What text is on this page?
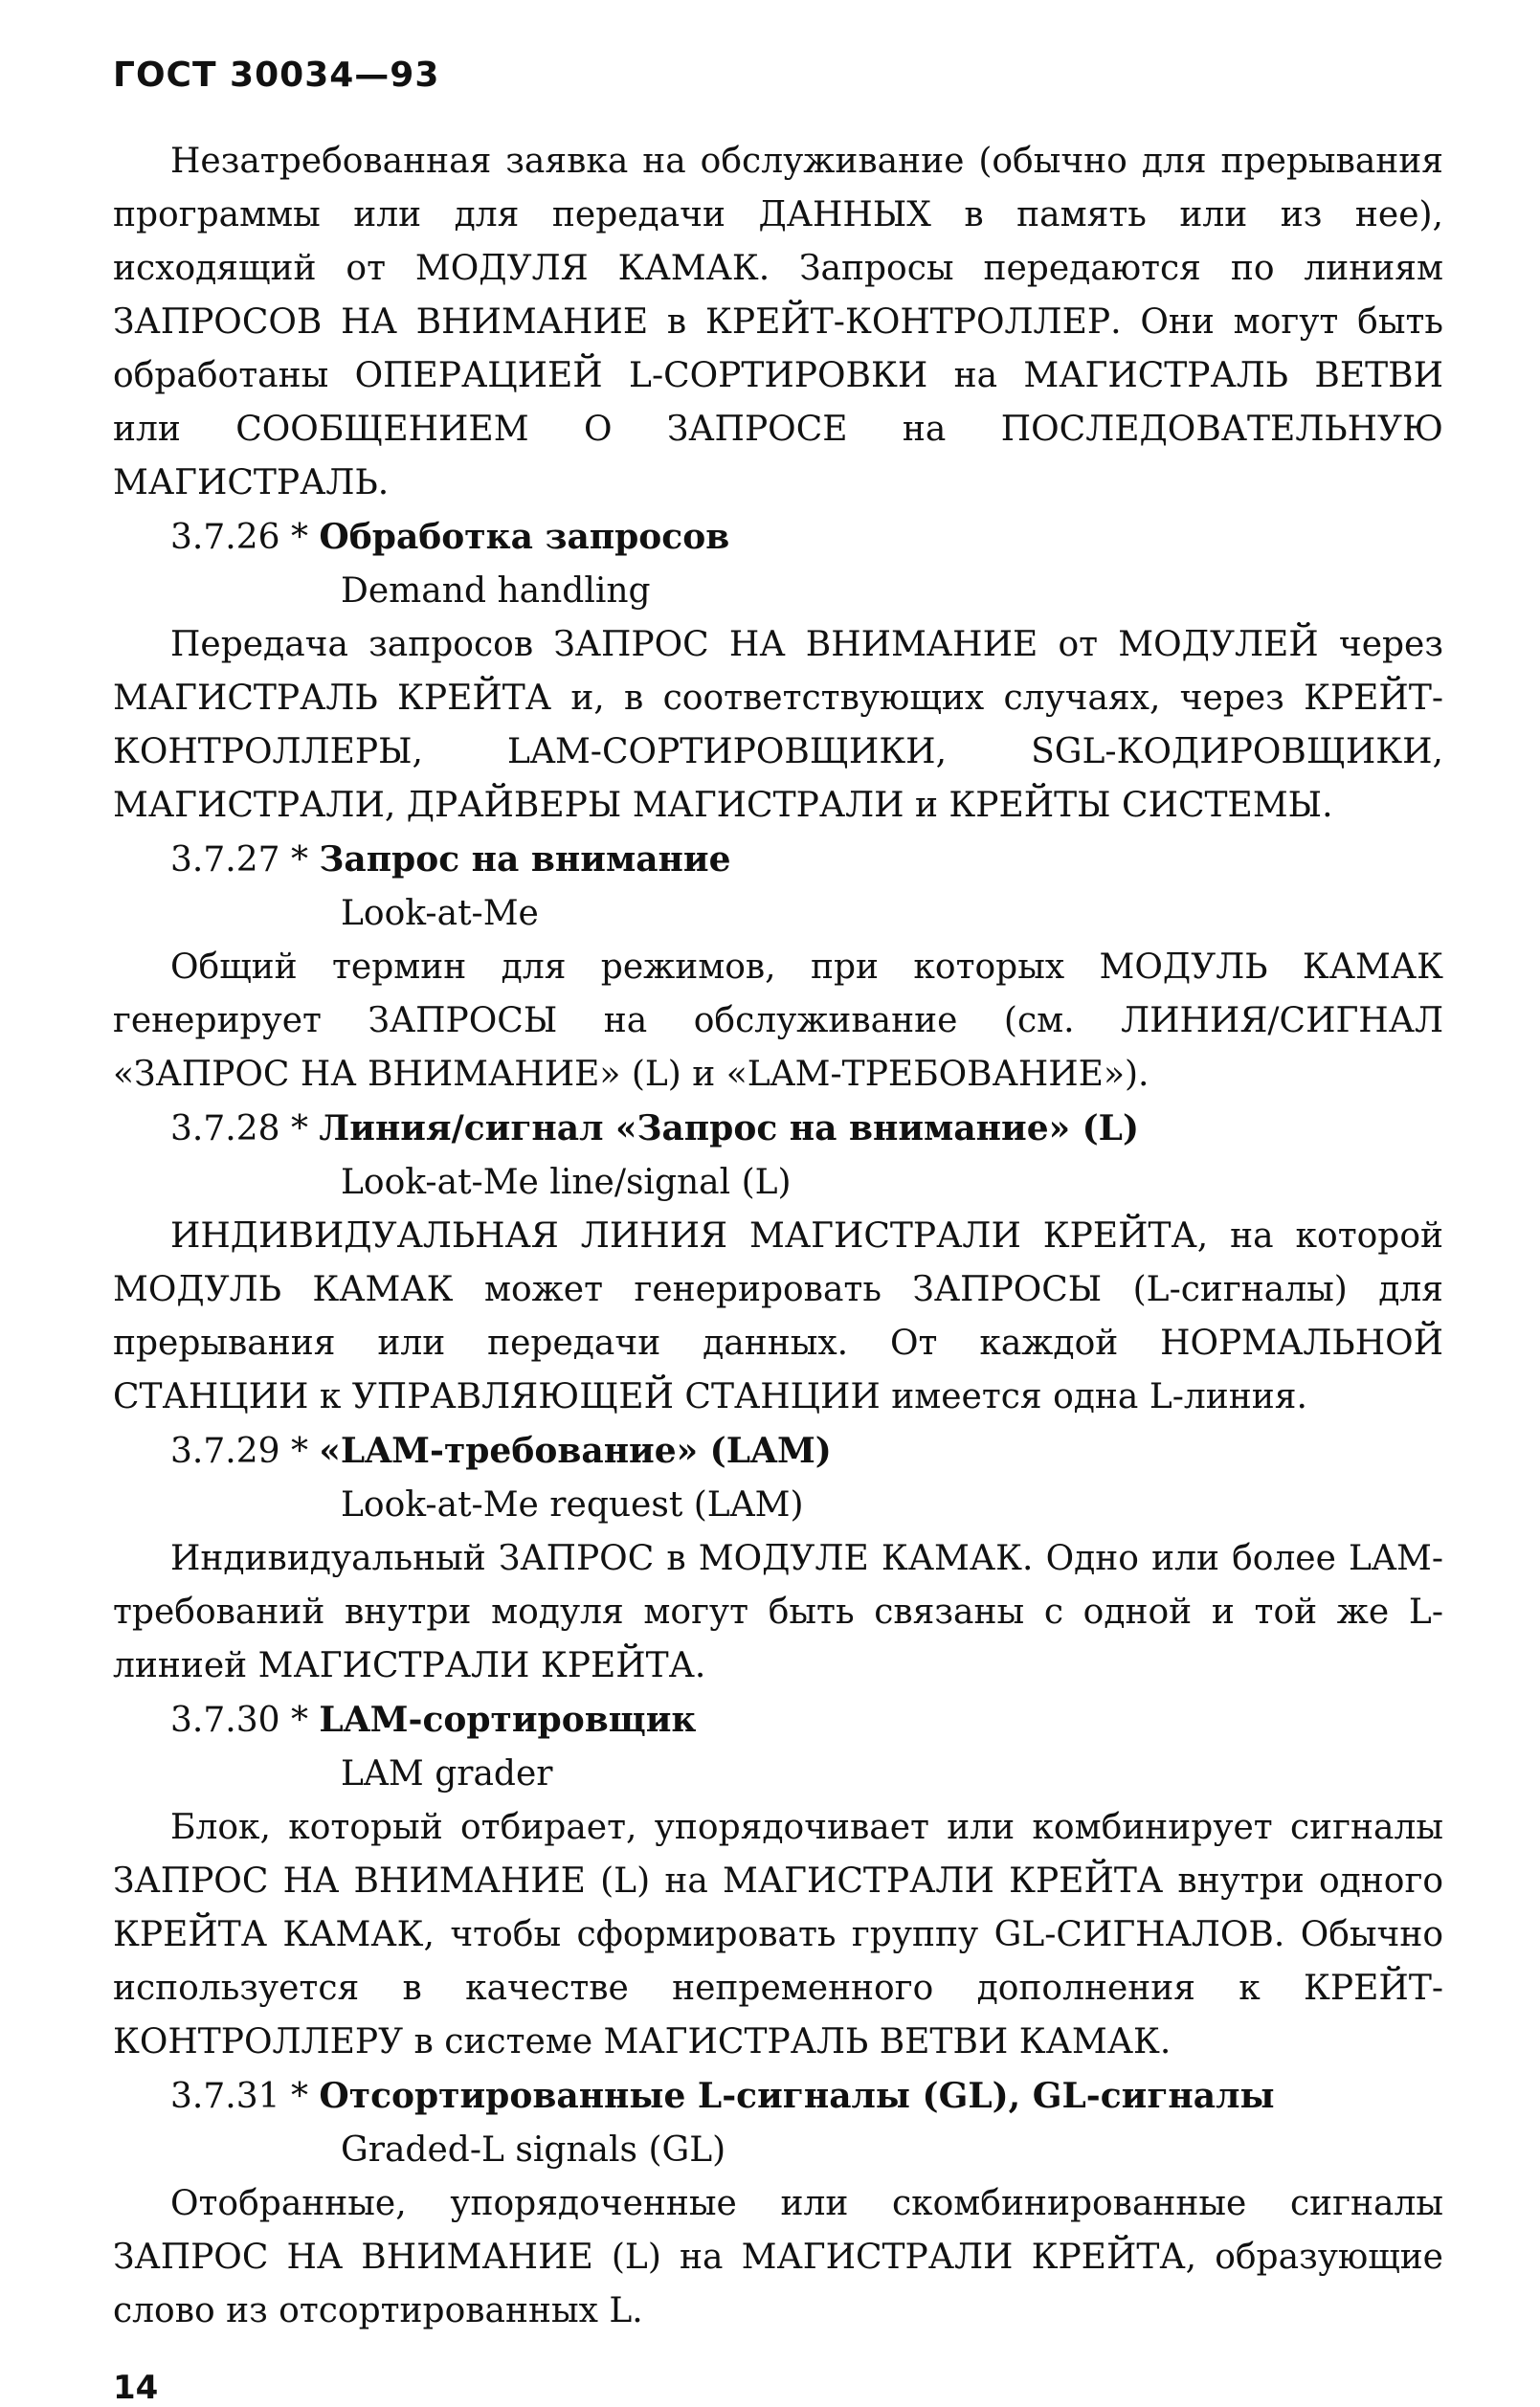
ГОСТ 30034—93

Незатребованная заявка на обслуживание (обычно для прерывания программы или для передачи ДАННЫХ в память или из нее), исходящий от МОДУЛЯ КАМАК. Запросы передаются по линиям ЗАПРОСОВ НА ВНИМАНИЕ в КРЕЙТ-КОНТРОЛЛЕР. Они могут быть обработаны ОПЕРАЦИЕЙ L-СОРТИРОВКИ на МАГИСТРАЛЬ ВЕТВИ или СООБЩЕНИЕМ О ЗАПРОСЕ на ПОСЛЕДОВАТЕЛЬНУЮ МАГИСТРАЛЬ.

3.7.26 * Обработка запросов
Demand handling

Передача запросов ЗАПРОС НА ВНИМАНИЕ от МОДУЛЕЙ через МАГИСТРАЛЬ КРЕЙТА и, в соответствующих случаях, через КРЕЙТ-КОНТРОЛЛЕРЫ, LAM-СОРТИРОВЩИКИ, SGL-КОДИРОВЩИКИ, МАГИСТРАЛИ, ДРАЙВЕРЫ МАГИСТРАЛИ и КРЕЙТЫ СИСТЕМЫ.

3.7.27 * Запрос на внимание
Look-at-Me

Общий термин для режимов, при которых МОДУЛЬ КАМАК генерирует ЗАПРОСЫ на обслуживание (см. ЛИНИЯ/СИГНАЛ «ЗАПРОС НА ВНИМАНИЕ» (L) и «LAM-ТРЕБОВАНИЕ»).

3.7.28 * Линия/сигнал «Запрос на внимание» (L)
Look-at-Me line/signal (L)

ИНДИВИДУАЛЬНАЯ ЛИНИЯ МАГИСТРАЛИ КРЕЙТА, на которой МОДУЛЬ КАМАК может генерировать ЗАПРОСЫ (L-сигналы) для прерывания или передачи данных. От каждой НОРМАЛЬНОЙ СТАНЦИИ к УПРАВЛЯЮЩЕЙ СТАНЦИИ имеется одна L-линия.

3.7.29 * «LAM-требование» (LAM)
Look-at-Me request (LAM)

Индивидуальный ЗАПРОС в МОДУЛЕ КАМАК. Одно или более LAM-требований внутри модуля могут быть связаны с одной и той же L-линией МАГИСТРАЛИ КРЕЙТА.

3.7.30 * LAM-сортировщик
LAM grader

Блок, который отбирает, упорядочивает или комбинирует сигналы ЗАПРОС НА ВНИМАНИЕ (L) на МАГИСТРАЛИ КРЕЙТА внутри одного КРЕЙТА КАМАК, чтобы сформировать группу GL-СИГНАЛОВ. Обычно используется в качестве непременного дополнения к КРЕЙТ-КОНТРОЛЛЕРУ в системе МАГИСТРАЛЬ ВЕТВИ КАМАК.

3.7.31 * Отсортированные L-сигналы (GL), GL-сигналы
Graded-L signals (GL)

Отобранные, упорядоченные или скомбинированные сигналы ЗАПРОС НА ВНИМАНИЕ (L) на МАГИСТРАЛИ КРЕЙТА, образующие слово из отсортированных L.

14
